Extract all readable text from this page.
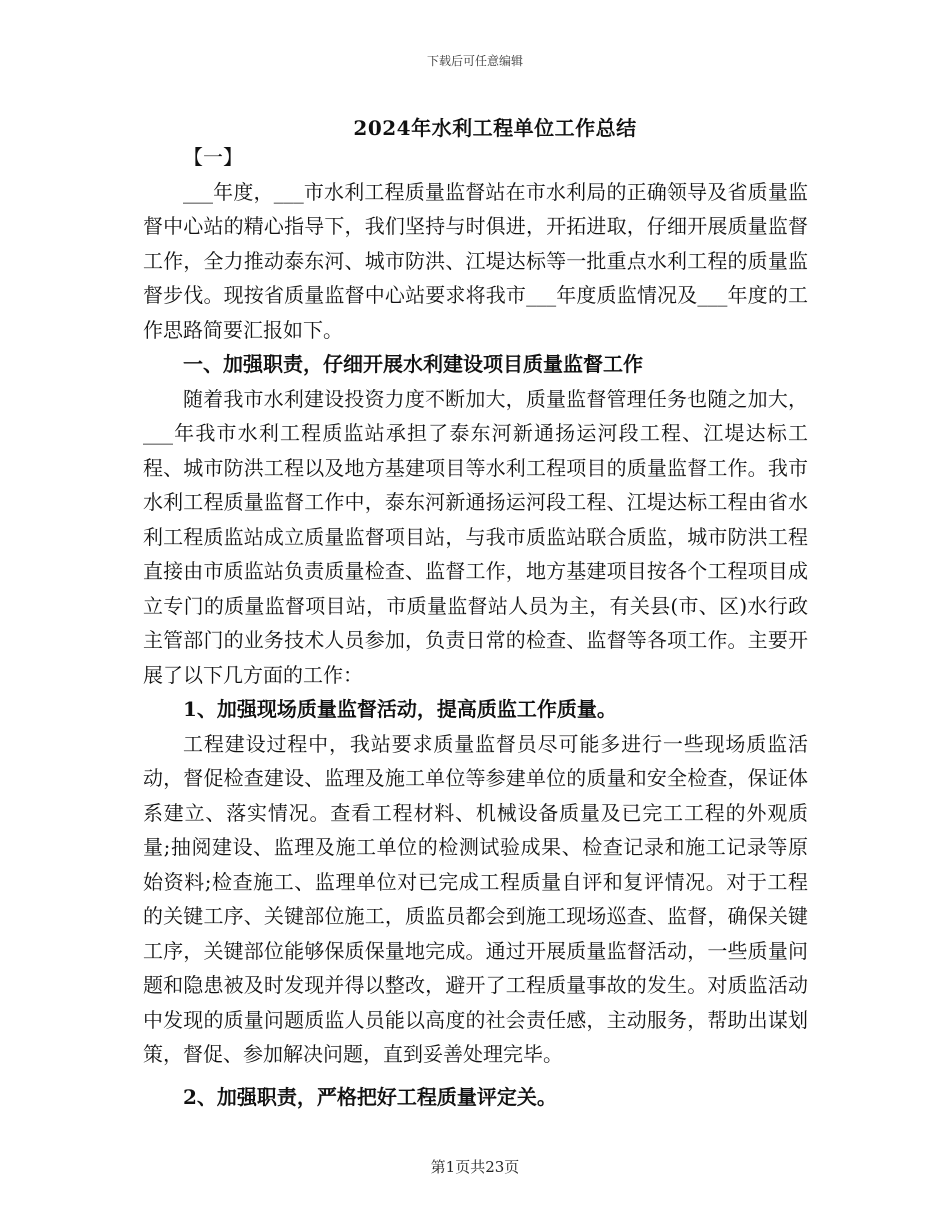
下载后可任意编辑
2024年水利工程单位工作总结

【一】

___年度，___市水利工程质量监督站在市水利局的正确领导及省质量监督中心站的精心指导下，我们坚持与时俱进，开拓进取，仔细开展质量监督工作，全力推动泰东河、城市防洪、江堤达标等一批重点水利工程的质量监督步伐。现按省质量监督中心站要求将我市___年度质监情况及___年度的工作思路简要汇报如下。

一、加强职责，仔细开展水利建设项目质量监督工作

随着我市水利建设投资力度不断加大，质量监督管理任务也随之加大，___年我市水利工程质监站承担了泰东河新通扬运河段工程、江堤达标工程、城市防洪工程以及地方基建项目等水利工程项目的质量监督工作。我市水利工程质量监督工作中，泰东河新通扬运河段工程、江堤达标工程由省水利工程质监站成立质量监督项目站，与我市质监站联合质监，城市防洪工程直接由市质监站负责质量检查、监督工作，地方基建项目按各个工程项目成立专门的质量监督项目站，市质量监督站人员为主，有关县(市、区)水行政主管部门的业务技术人员参加，负责日常的检查、监督等各项工作。主要开展了以下几方面的工作：

1、加强现场质量监督活动，提高质监工作质量。

工程建设过程中，我站要求质量监督员尽可能多进行一些现场质监活动，督促检查建设、监理及施工单位等参建单位的质量和安全检查，保证体系建立、落实情况。查看工程材料、机械设备质量及已完工工程的外观质量;抽阅建设、监理及施工单位的检测试验成果、检查记录和施工记录等原始资料;检查施工、监理单位对已完成工程质量自评和复评情况。对于工程的关键工序、关键部位施工，质监员都会到施工现场巡查、监督，确保关键工序，关键部位能够保质保量地完成。通过开展质量监督活动，一些质量问题和隐患被及时发现并得以整改，避开了工程质量事故的发生。对质监活动中发现的质量问题质监人员能以高度的社会责任感，主动服务，帮助出谋划策，督促、参加解决问题，直到妥善处理完毕。

2、加强职责，严格把好工程质量评定关。

第1页共23页
